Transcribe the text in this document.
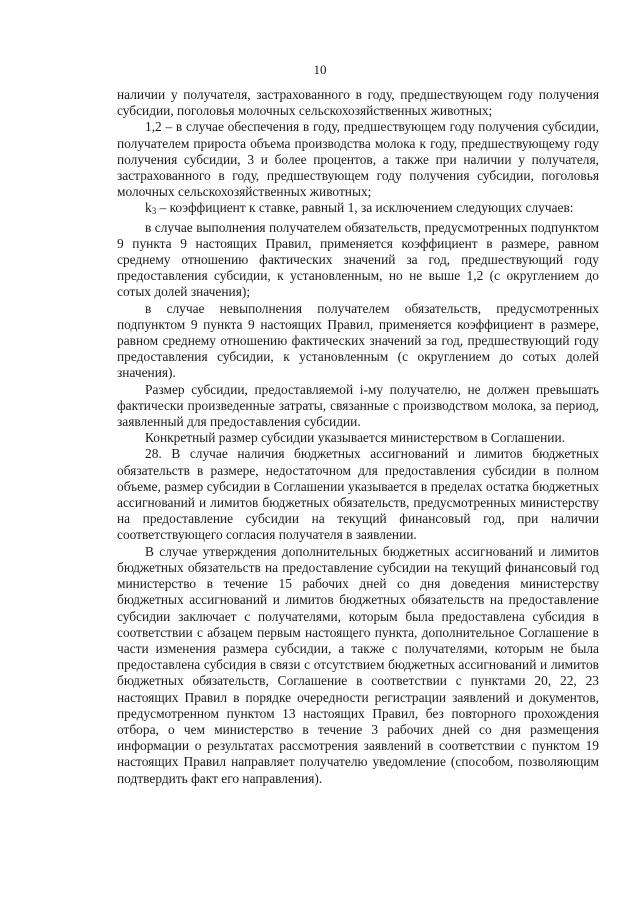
10

наличии у получателя, застрахованного в году, предшествующем году получения субсидии, поголовья молочных сельскохозяйственных животных;

1,2 – в случае обеспечения в году, предшествующем году получения субсидии, получателем прироста объема производства молока к году, предшествующему году получения субсидии, 3 и более процентов, а также при наличии у получателя, застрахованного в году, предшествующем году получения субсидии, поголовья молочных сельскохозяйственных животных;

$k_3$ – коэффициент к ставке, равный 1, за исключением следующих случаев:

в случае выполнения получателем обязательств, предусмотренных подпунктом 9 пункта 9 настоящих Правил, применяется коэффициент в размере, равном среднему отношению фактических значений за год, предшествующий году предоставления субсидии, к установленным, но не выше 1,2 (с округлением до сотых долей значения);

в случае невыполнения получателем обязательств, предусмотренных подпунктом 9 пункта 9 настоящих Правил, применяется коэффициент в размере, равном среднему отношению фактических значений за год, предшествующий году предоставления субсидии, к установленным (с округлением до сотых долей значения).

Размер субсидии, предоставляемой i-му получателю, не должен превышать фактически произведенные затраты, связанные с производством молока, за период, заявленный для предоставления субсидии.

Конкретный размер субсидии указывается министерством в Соглашении.

28. В случае наличия бюджетных ассигнований и лимитов бюджетных обязательств в размере, недостаточном для предоставления субсидии в полном объеме, размер субсидии в Соглашении указывается в пределах остатка бюджетных ассигнований и лимитов бюджетных обязательств, предусмотренных министерству на предоставление субсидии на текущий финансовый год, при наличии соответствующего согласия получателя в заявлении.

В случае утверждения дополнительных бюджетных ассигнований и лимитов бюджетных обязательств на предоставление субсидии на текущий финансовый год министерство в течение 15 рабочих дней со дня доведения министерству бюджетных ассигнований и лимитов бюджетных обязательств на предоставление субсидии заключает с получателями, которым была предоставлена субсидия в соответствии с абзацем первым настоящего пункта, дополнительное Соглашение в части изменения размера субсидии, а также с получателями, которым не была предоставлена субсидия в связи с отсутствием бюджетных ассигнований и лимитов бюджетных обязательств, Соглашение в соответствии с пунктами 20, 22, 23 настоящих Правил в порядке очередности регистрации заявлений и документов, предусмотренном пунктом 13 настоящих Правил, без повторного прохождения отбора, о чем министерство в течение 3 рабочих дней со дня размещения информации о результатах рассмотрения заявлений в соответствии с пунктом 19 настоящих Правил направляет получателю уведомление (способом, позволяющим подтвердить факт его направления).
